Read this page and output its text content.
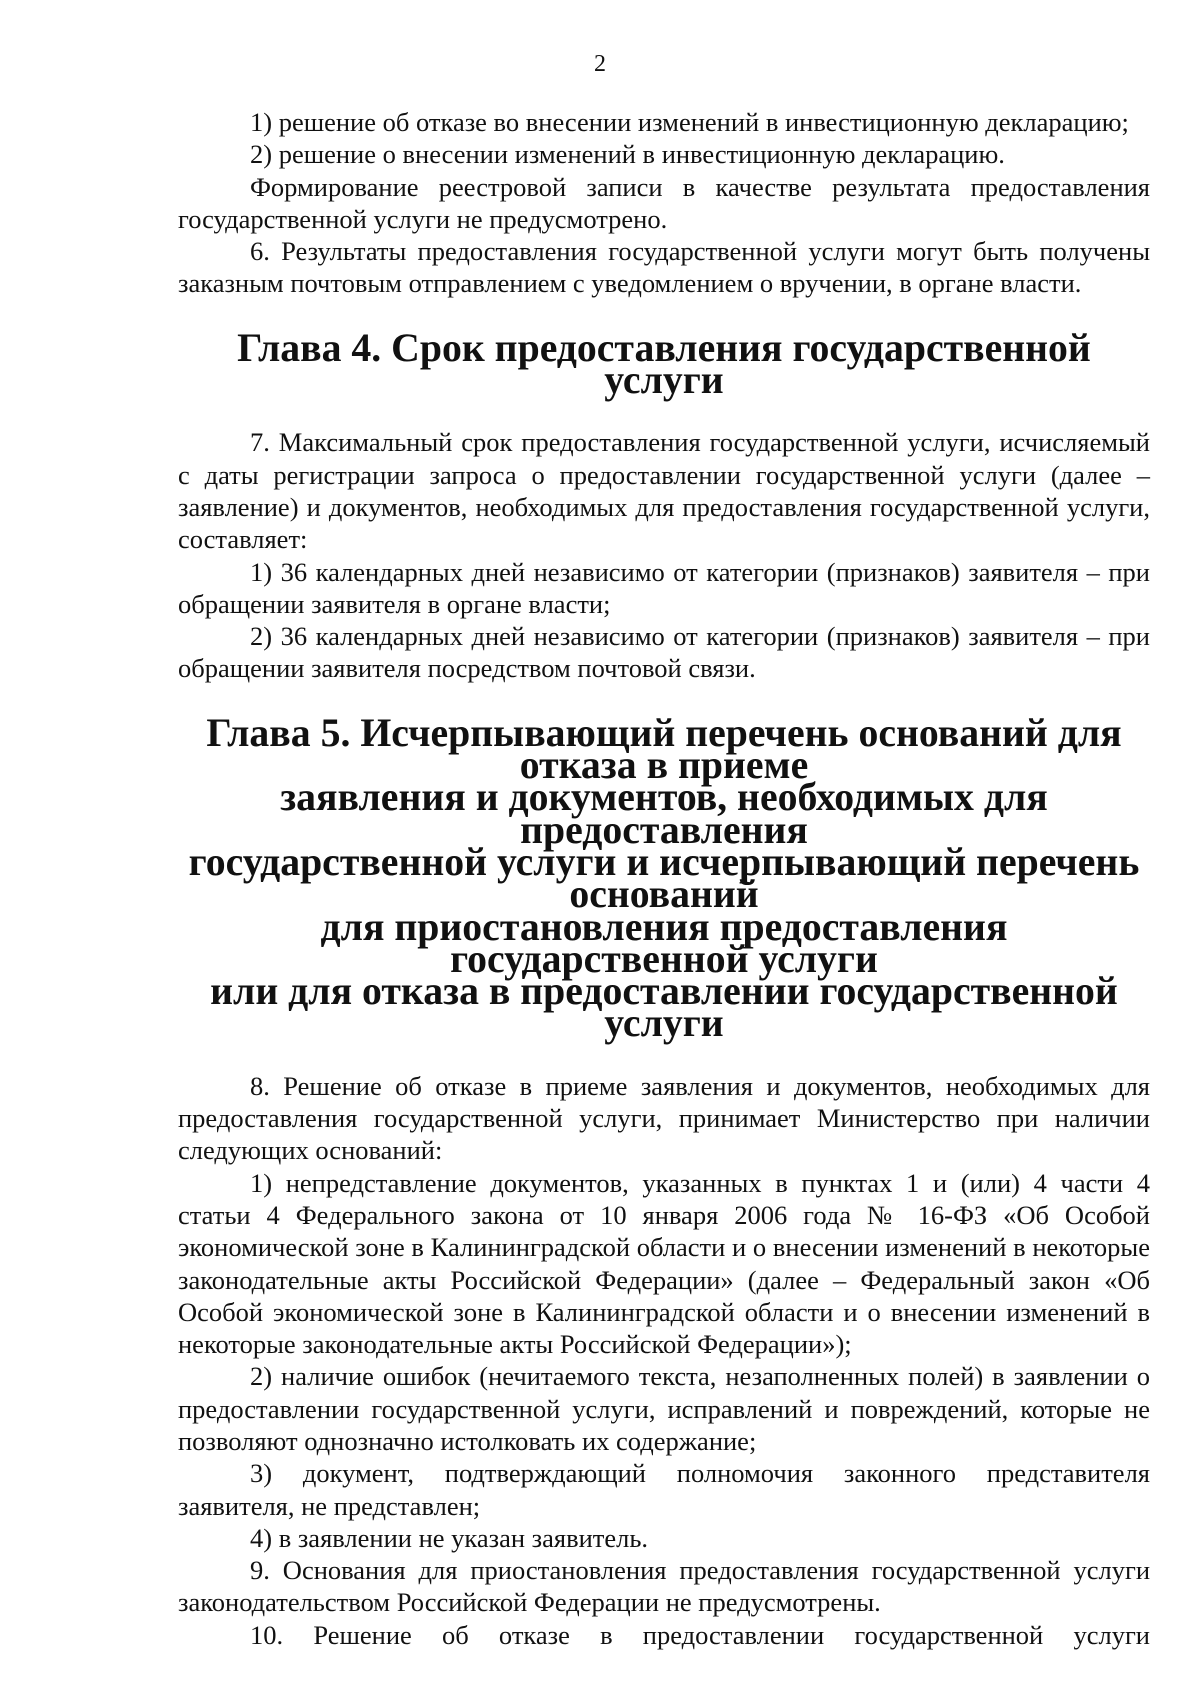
2

1) решение об отказе во внесении изменений в инвестиционную декларацию;

2) решение о внесении изменений в инвестиционную декларацию.

Формирование реестровой записи в качестве результата предоставления государственной услуги не предусмотрено.

6. Результаты предоставления государственной услуги могут быть получены заказным почтовым отправлением с уведомлением о вручении, в органе власти.

Глава 4. Срок предоставления государственной услуги

7. Максимальный срок предоставления государственной услуги, исчисляемый с даты регистрации запроса о предоставлении государственной услуги (далее – заявление) и документов, необходимых для предоставления государственной услуги, составляет:

1) 36 календарных дней независимо от категории (признаков) заявителя – при обращении заявителя в органе власти;

2) 36 календарных дней независимо от категории (признаков) заявителя – при обращении заявителя посредством почтовой связи.

Глава 5. Исчерпывающий перечень оснований для отказа в приеме
заявления и документов, необходимых для предоставления
государственной услуги и исчерпывающий перечень оснований
для приостановления предоставления государственной услуги
или для отказа в предоставлении государственной услуги

8. Решение об отказе в приеме заявления и документов, необходимых для предоставления государственной услуги, принимает Министерство при наличии следующих оснований:

1) непредставление документов, указанных в пунктах 1 и (или) 4 части 4 статьи 4 Федерального закона от 10 января 2006 года № 16-ФЗ «Об Особой экономической зоне в Калининградской области и о внесении изменений в некоторые законодательные акты Российской Федерации» (далее – Федеральный закон «Об Особой экономической зоне в Калининградской области и о внесении изменений в некоторые законодательные акты Российской Федерации»);

2) наличие ошибок (нечитаемого текста, незаполненных полей) в заявлении о предоставлении государственной услуги, исправлений и повреждений, которые не позволяют однозначно истолковать их содержание;

3) документ, подтверждающий полномочия законного представителя заявителя, не представлен;

4) в заявлении не указан заявитель.

9. Основания для приостановления предоставления государственной услуги законодательством Российской Федерации не предусмотрены.

10. Решение об отказе в предоставлении государственной услуги
